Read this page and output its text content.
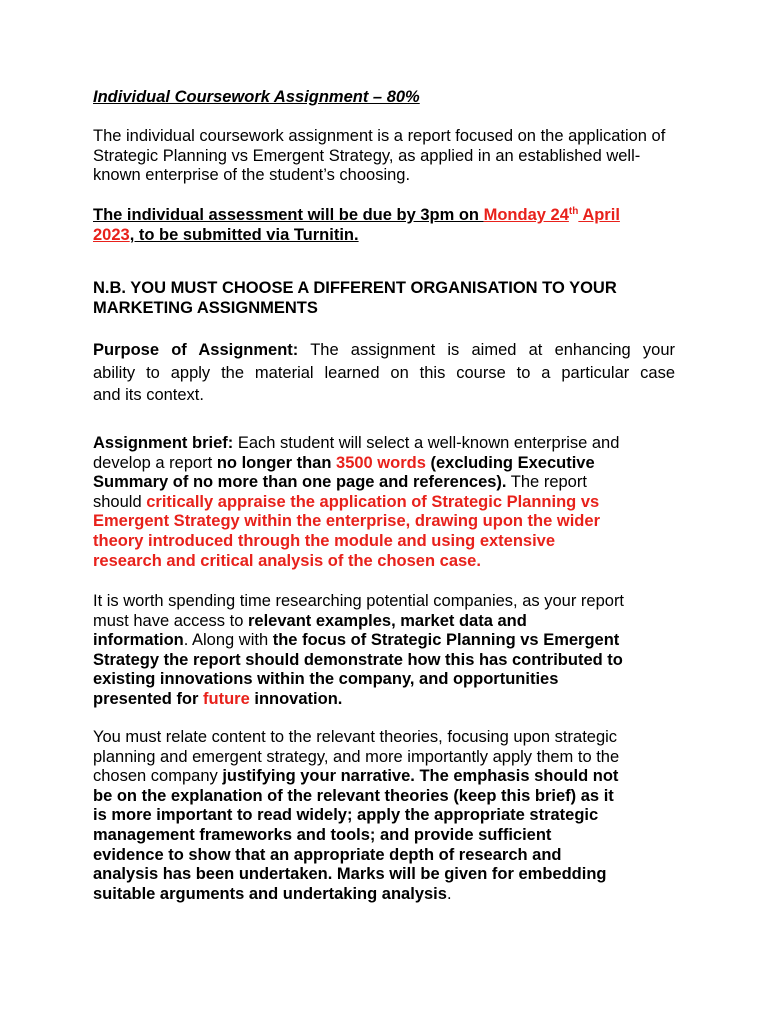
Individual Coursework Assignment – 80%
The individual coursework assignment is a report focused on the application of Strategic Planning vs Emergent Strategy, as applied in an established well-known enterprise of the student’s choosing.
The individual assessment will be due by 3pm on Monday 24th April
2023, to be submitted via Turnitin.
N.B. YOU MUST CHOOSE A DIFFERENT ORGANISATION TO YOUR MARKETING ASSIGNMENTS
Purpose of Assignment: The assignment is aimed at enhancing your
ability to apply the material learned on this course to a particular case
and its context.
Assignment brief: Each student will select a well-known enterprise and
develop a report no longer than 3500 words (excluding Executive
Summary of no more than one page and references). The report
should critically appraise the application of Strategic Planning vs
Emergent Strategy within the enterprise, drawing upon the wider
theory introduced through the module and using extensive
research and critical analysis of the chosen case.
It is worth spending time researching potential companies, as your report
must have access to relevant examples, market data and
information. Along with the focus of Strategic Planning vs Emergent
Strategy the report should demonstrate how this has contributed to
existing innovations within the company, and opportunities
presented for future innovation.
You must relate content to the relevant theories, focusing upon strategic
planning and emergent strategy, and more importantly apply them to the
chosen company justifying your narrative. The emphasis should not
be on the explanation of the relevant theories (keep this brief) as it
is more important to read widely; apply the appropriate strategic
management frameworks and tools; and provide sufficient
evidence to show that an appropriate depth of research and
analysis has been undertaken. Marks will be given for embedding
suitable arguments and undertaking analysis.
